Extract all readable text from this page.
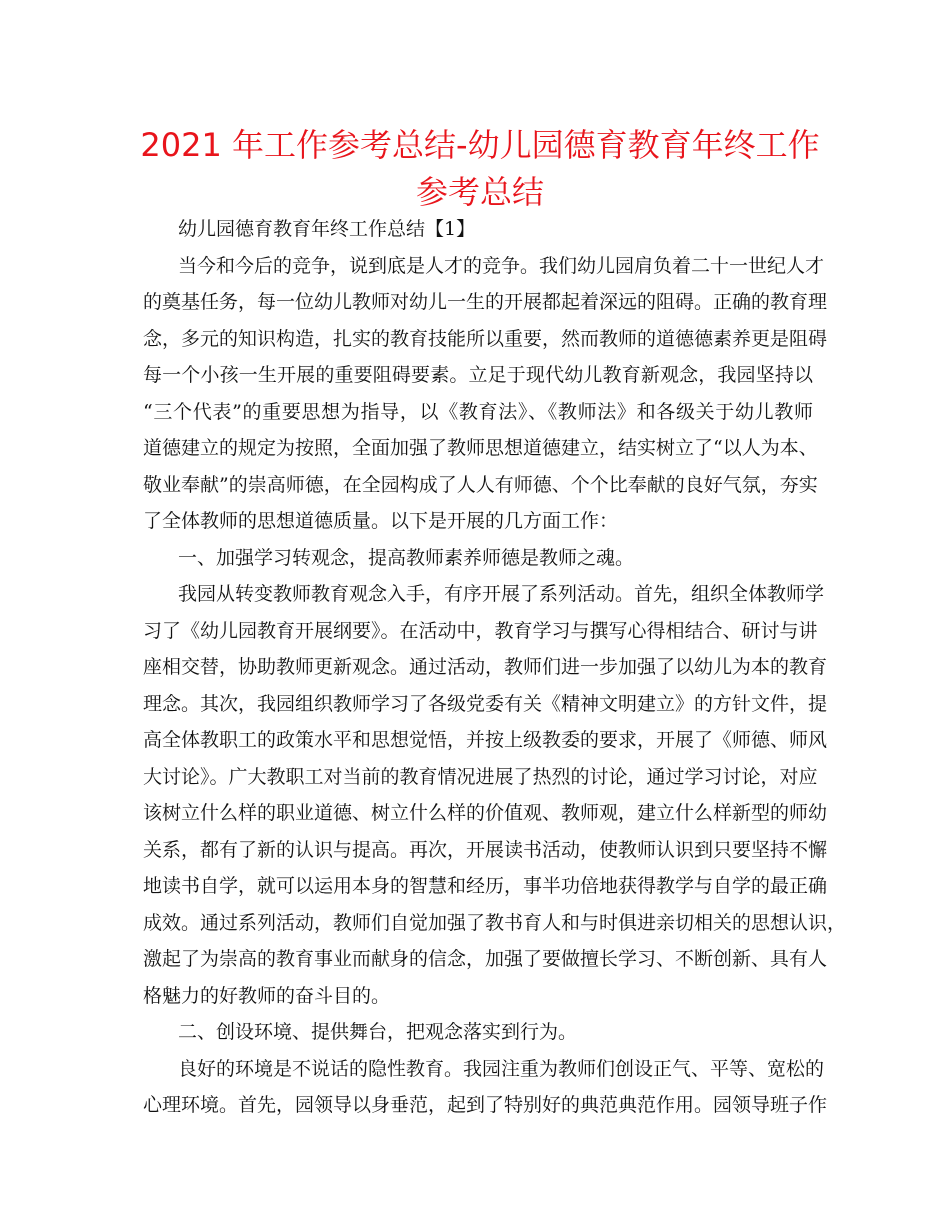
2021 年工作参考总结-幼儿园德育教育年终工作
参考总结

幼儿园德育教育年终工作总结【1】

当今和今后的竞争，说到底是人才的竞争。我们幼儿园肩负着二十一世纪人才

的奠基任务，每一位幼儿教师对幼儿一生的开展都起着深远的阻碍。正确的教育理

念，多元的知识构造，扎实的教育技能所以重要，然而教师的道德德素养更是阻碍

每一个小孩一生开展的重要阻碍要素。立足于现代幼儿教育新观念，我园坚持以

“三个代表”的重要思想为指导，以《教育法》、《教师法》和各级关于幼儿教师

道德建立的规定为按照，全面加强了教师思想道德建立，结实树立了“以人为本、

敬业奉献”的崇高师德，在全园构成了人人有师德、个个比奉献的良好气氛，夯实

了全体教师的思想道德质量。以下是开展的几方面工作：

一、加强学习转观念，提高教师素养师德是教师之魂。

我园从转变教师教育观念入手，有序开展了系列活动。首先，组织全体教师学

习了《幼儿园教育开展纲要》。在活动中，教育学习与撰写心得相结合、研讨与讲

座相交替，协助教师更新观念。通过活动，教师们进一步加强了以幼儿为本的教育

理念。其次，我园组织教师学习了各级党委有关《精神文明建立》的方针文件，提

高全体教职工的政策水平和思想觉悟，并按上级教委的要求，开展了《师德、师风

大讨论》。广大教职工对当前的教育情况进展了热烈的讨论，通过学习讨论，对应

该树立什么样的职业道德、树立什么样的价值观、教师观，建立什么样新型的师幼

关系，都有了新的认识与提高。再次，开展读书活动，使教师认识到只要坚持不懈

地读书自学，就可以运用本身的智慧和经历，事半功倍地获得教学与自学的最正确

成效。通过系列活动，教师们自觉加强了教书育人和与时俱进亲切相关的思想认识，

激起了为崇高的教育事业而献身的信念，加强了要做擅长学习、不断创新、具有人

格魅力的好教师的奋斗目的。

二、创设环境、提供舞台，把观念落实到行为。

良好的环境是不说话的隐性教育。我园注重为教师们创设正气、平等、宽松的

心理环境。首先，园领导以身垂范，起到了特别好的典范典范作用。园领导班子作
